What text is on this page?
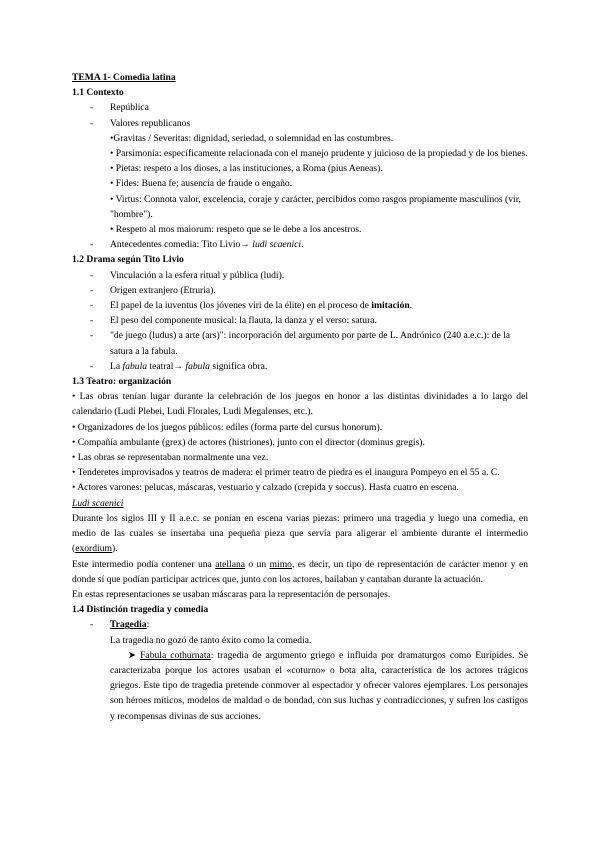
TEMA 1- Comedia latina
1.1 Contexto
- República
- Valores republicanos
•Gravitas / Severitas: dignidad, seriedad, o solemnidad en las costumbres.
• Parsimonia: específicamente relacionada con el manejo prudente y juicioso de la propiedad y de los bienes.
• Pietas: respeto a los dioses, a las instituciones, a Roma (pius Aeneas).
• Fides: Buena fe; ausencia de fraude o engaño.
• Virtus: Connota valor, excelencia, coraje y carácter, percibidos como rasgos propiamente masculinos (vir, "hombre").
• Respeto al mos maiorum: respeto que se le debe a los ancestros.
- Antecedentes comedia: Tito Livio→ ludi scaenici.
1.2 Drama según Tito Livio
- Vinculación a la esfera ritual y pública (ludi).
- Origen extranjero (Etruria).
- El papel de la iuventus (los jóvenes viri de la élite) en el proceso de imitación.
- El peso del componente musical: la flauta, la danza y el verso: satura.
- "de juego (ludus) a arte (ars)": incorporación del argumento por parte de L. Andrónico (240 a.e.c.): de la satura a la fabula.
- La fabula teatral→ fabula significa obra.
1.3 Teatro: organización
• Las obras tenían lugar durante la celebración de los juegos en honor a las distintas divinidades a lo largo del calendario (Ludi Plebei, Ludi Florales, Ludi Megalenses, etc.).
• Organizadores de los juegos públicos: ediles (forma parte del cursus honorum).
• Compañía ambulante (grex) de actores (histriones), junto con el director (dominus gregis).
• Las obras se representaban normalmente una vez.
• Tenderetes improvisados y teatros de madera: el primer teatro de piedra es el inaugura Pompeyo en el 55 a. C.
• Actores varones: pelucas, máscaras, vestuario y calzado (crepida y soccus). Hasta cuatro en escena.
Ludi scaenici
Durante los siglos III y II a.e.c. se ponían en escena varias piezas: primero una tragedia y luego una comedia, en medio de las cuales se insertaba una pequeña pieza que servía para aligerar el ambiente durante el intermedio (exordium).
Este intermedio podía contener una atellana o un mimo, es decir, un tipo de representación de carácter menor y en donde sí que podían participar actrices que, junto con los actores, bailaban y cantaban durante la actuación.
En estas representaciones se usaban máscaras para la representación de personajes.
1.4 Distinción tragedia y comedia
- Tragedia:
La tragedia no gozó de tanto éxito como la comedia.
➤ Fabula cothurnata: tragedia de argumento griego e influida por dramaturgos como Eurípides. Se caracterizaba porque los actores usaban el «coturno» o bota alta, característica de los actores trágicos griegos. Este tipo de tragedia pretende conmover al espectador y ofrecer valores ejemplares. Los personajes son héroes míticos, modelos de maldad o de bondad, con sus luchas y contradicciones, y sufren los castigos y recompensas divinas de sus acciones.
